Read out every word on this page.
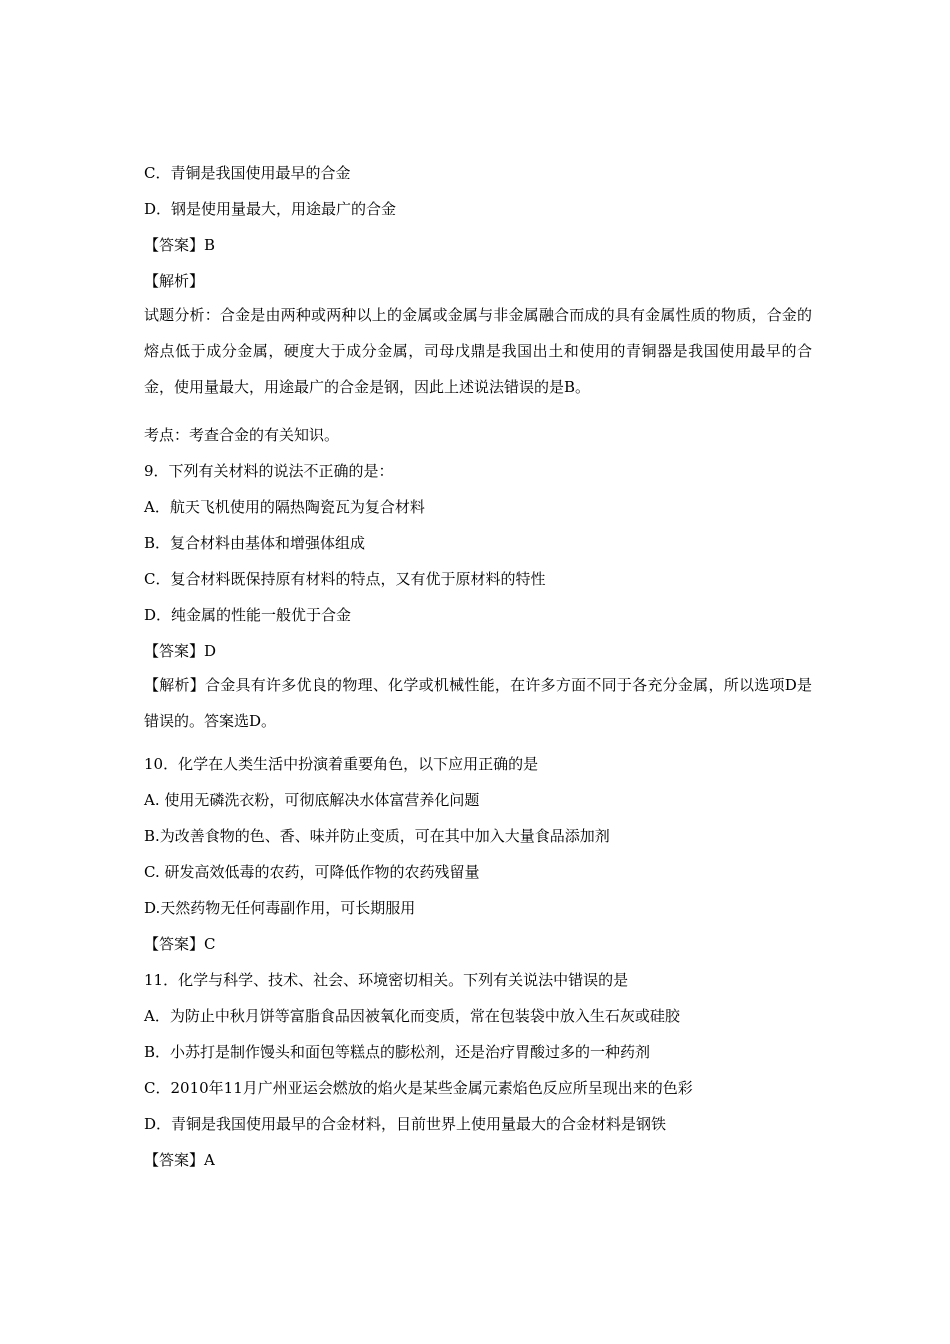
C．青铜是我国使用最早的合金
D．钢是使用量最大，用途最广的合金
【答案】B
【解析】
试题分析：合金是由两种或两种以上的金属或金属与非金属融合而成的具有金属性质的物质，合金的熔点低于成分金属，硬度大于成分金属，司母戊鼎是我国出土和使用的青铜器是我国使用最早的合金，使用量最大，用途最广的合金是钢，因此上述说法错误的是B。
考点：考查合金的有关知识。
9．下列有关材料的说法不正确的是：
A．航天飞机使用的隔热陶瓷瓦为复合材料
B．复合材料由基体和增强体组成
C．复合材料既保持原有材料的特点，又有优于原材料的特性
D．纯金属的性能一般优于合金
【答案】D
【解析】合金具有许多优良的物理、化学或机械性能，在许多方面不同于各充分金属，所以选项D是错误的。答案选D。
10．化学在人类生活中扮演着重要角色，以下应用正确的是
A. 使用无磷洗衣粉，可彻底解决水体富营养化问题
B.为改善食物的色、香、味并防止变质，可在其中加入大量食品添加剂
C. 研发高效低毒的农药，可降低作物的农药残留量
D.天然药物无任何毒副作用，可长期服用
【答案】C
11．化学与科学、技术、社会、环境密切相关。下列有关说法中错误的是
A．为防止中秋月饼等富脂食品因被氧化而变质，常在包装袋中放入生石灰或硅胶
B．小苏打是制作馒头和面包等糕点的膨松剂，还是治疗胃酸过多的一种药剂
C．2010年11月广州亚运会燃放的焰火是某些金属元素焰色反应所呈现出来的色彩
D．青铜是我国使用最早的合金材料，目前世界上使用量最大的合金材料是钢铁
【答案】A
